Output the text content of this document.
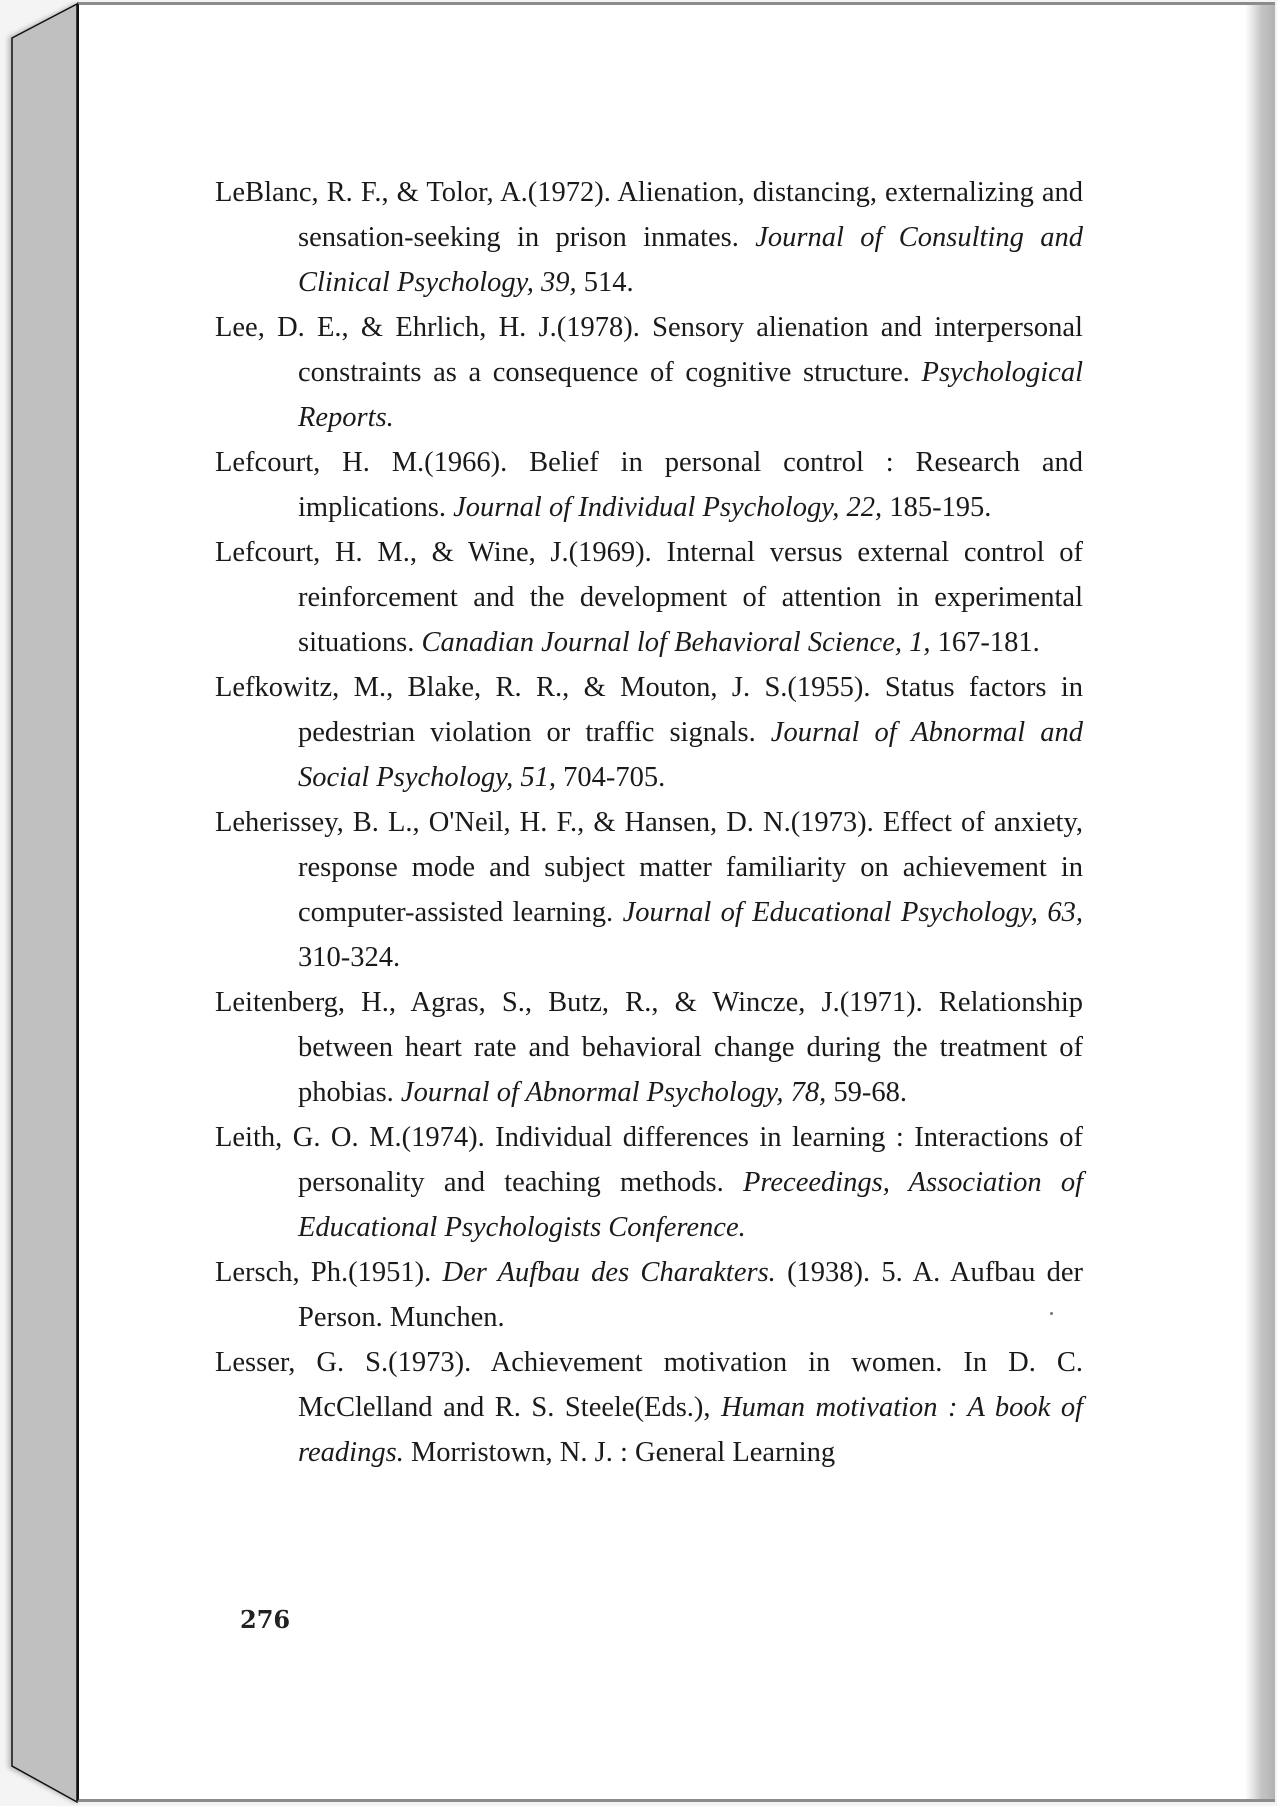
LeBlanc, R. F., & Tolor, A.(1972). Alienation, distancing, externalizing and sensation-seeking in prison inmates. Journal of Consulting and Clinical Psychology, 39, 514.

Lee, D. E., & Ehrlich, H. J.(1978). Sensory alienation and interpersonal constraints as a consequence of cognitive structure. Psychological Reports.

Lefcourt, H. M.(1966). Belief in personal control : Research and implications. Journal of Individual Psychology, 22, 185-195.

Lefcourt, H. M., & Wine, J.(1969). Internal versus external control of reinforcement and the development of attention in experimental situations. Canadian Journal lof Behavioral Science, 1, 167-181.

Lefkowitz, M., Blake, R. R., & Mouton, J. S.(1955). Status factors in pedestrian violation or traffic signals. Journal of Abnormal and Social Psychology, 51, 704-705.

Leherissey, B. L., O'Neil, H. F., & Hansen, D. N.(1973). Effect of anxiety, response mode and subject matter familiarity on achievement in computer-assisted learning. Journal of Educational Psychology, 63, 310-324.

Leitenberg, H., Agras, S., Butz, R., & Wincze, J.(1971). Relationship between heart rate and behavioral change during the treatment of phobias. Journal of Abnormal Psychology, 78, 59-68.

Leith, G. O. M.(1974). Individual differences in learning : Interactions of personality and teaching methods. Preceedings, Association of Educational Psychologists Conference.

Lersch, Ph.(1951). Der Aufbau des Charakters. (1938). 5. A. Aufbau der Person. Munchen.

Lesser, G. S.(1973). Achievement motivation in women. In D. C. McClelland and R. S. Steele(Eds.), Human motivation : A book of readings. Morristown, N. J. : General Learning

276
